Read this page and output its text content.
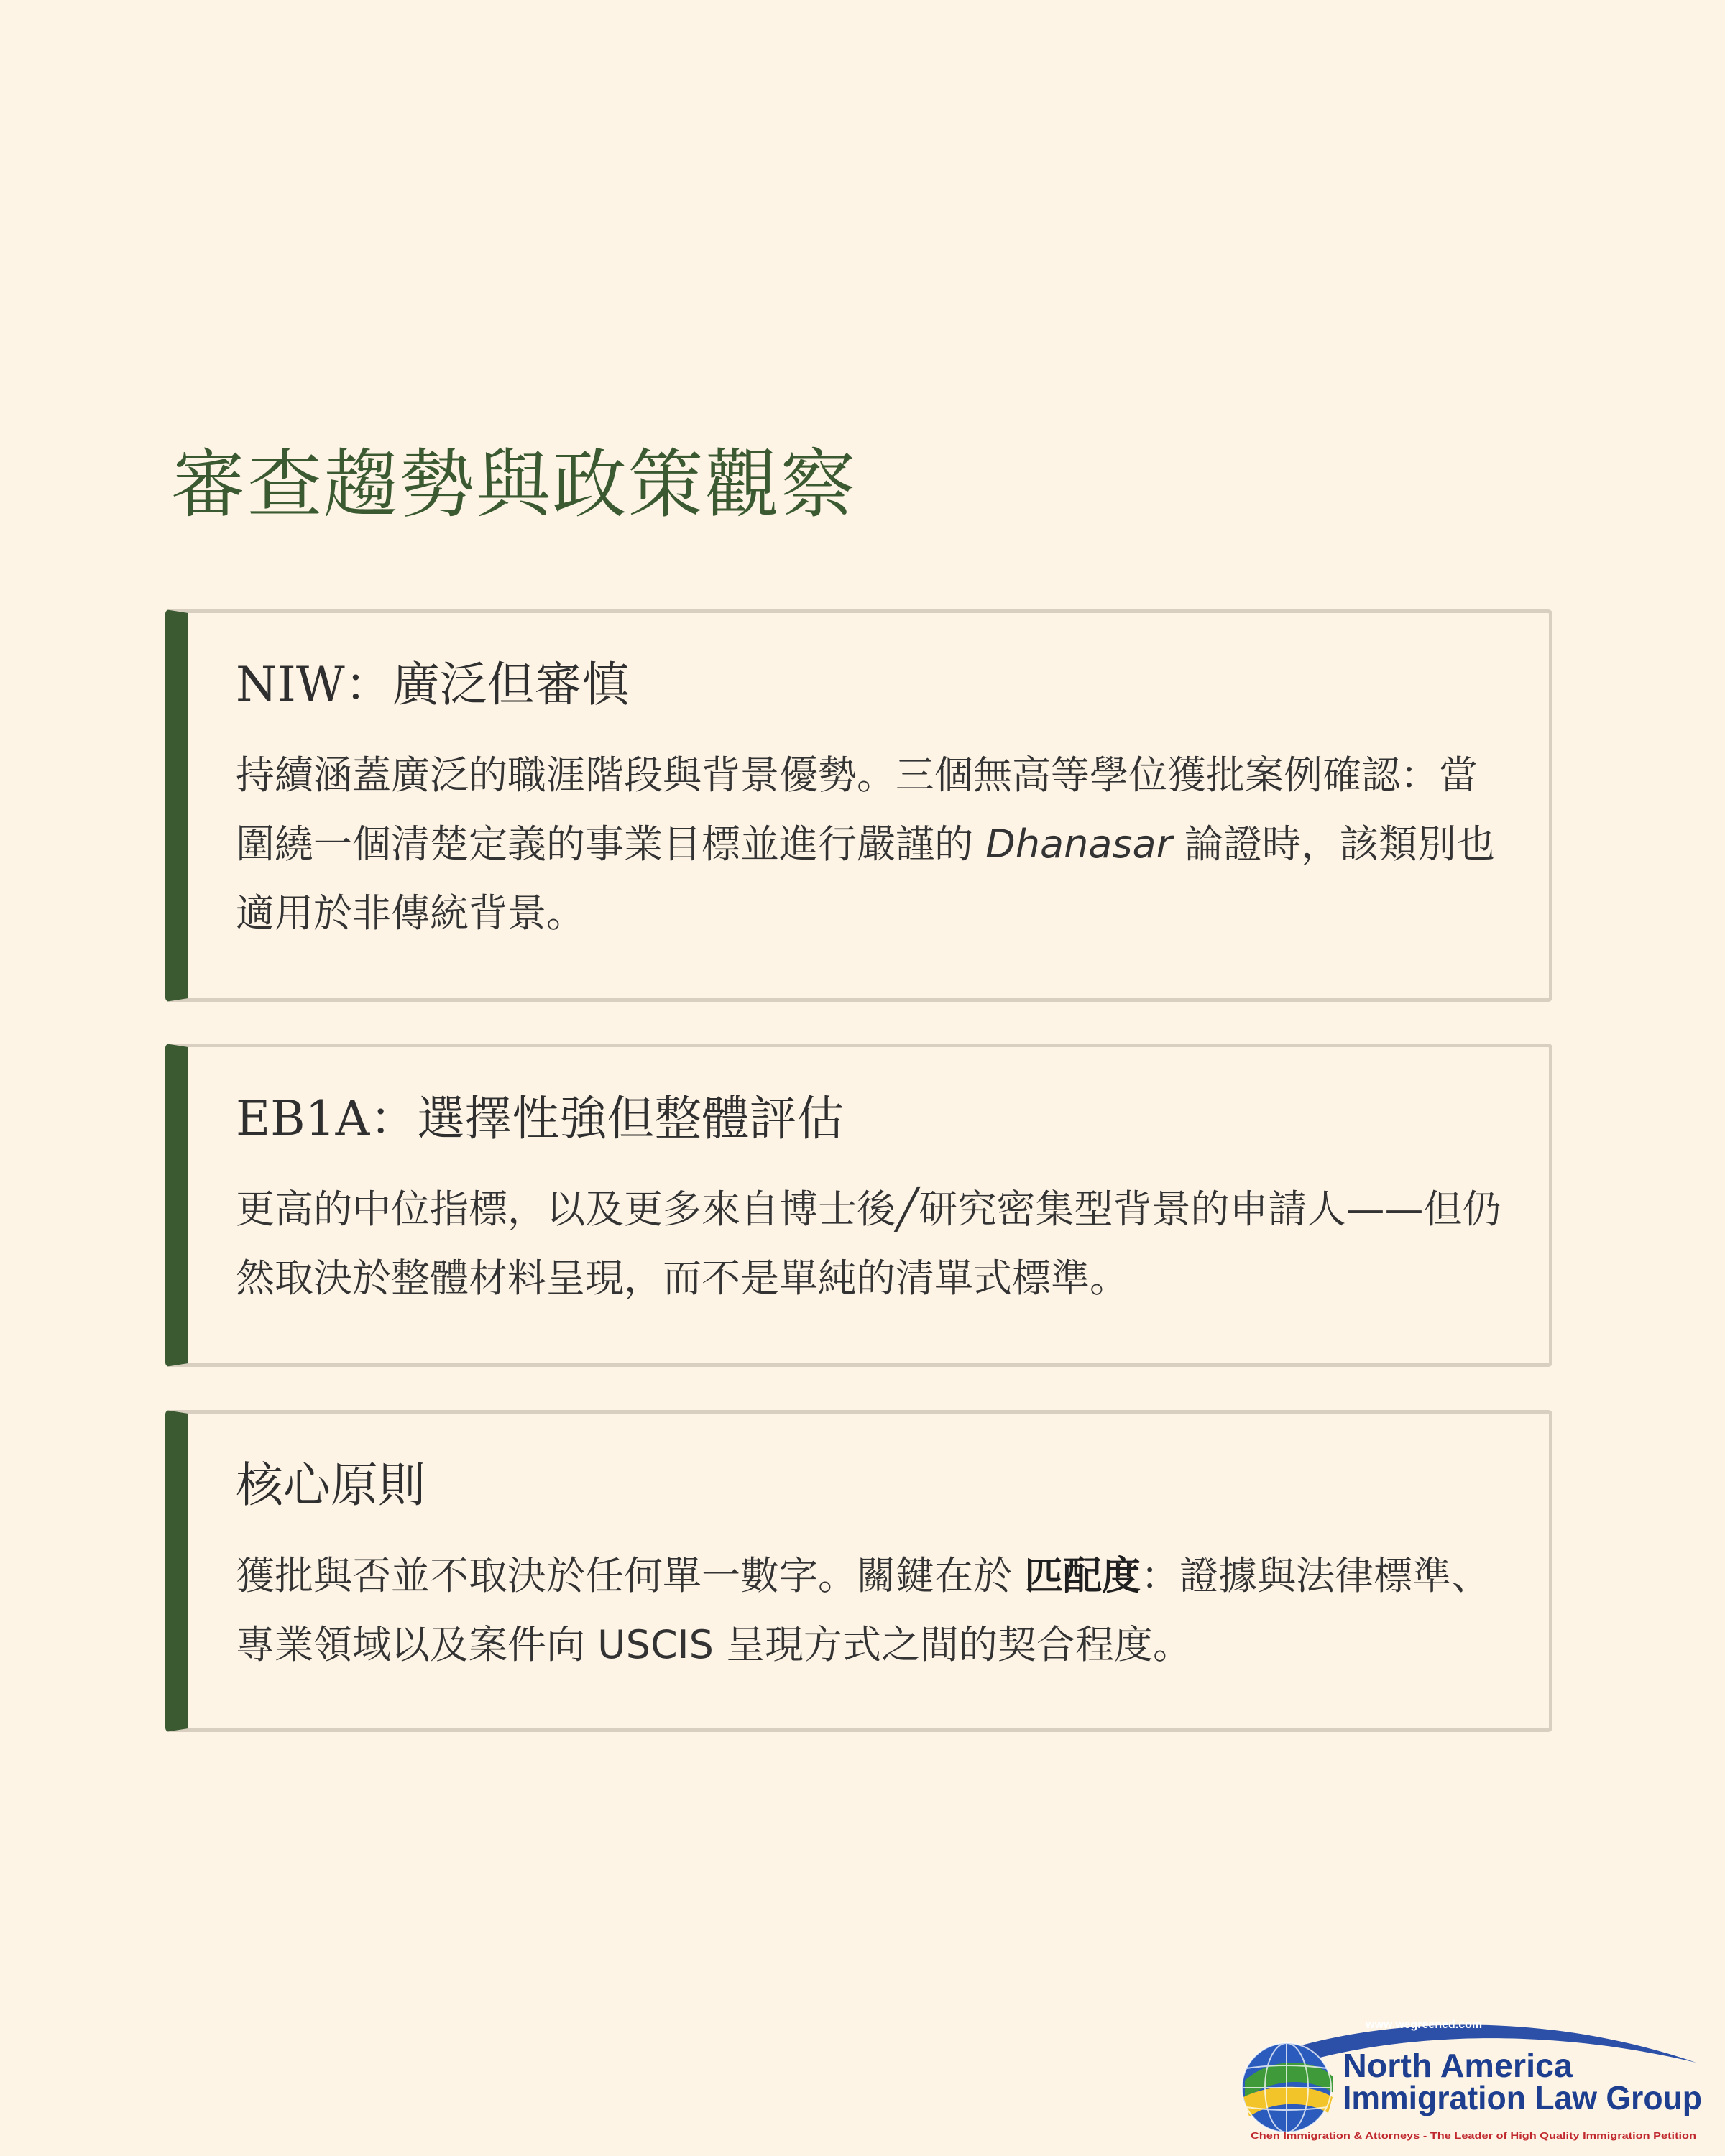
審查趨勢與政策觀察
NIW：廣泛但審慎

持續涵蓋廣泛的職涯階段與背景優勢。三個無高等學位獲批案例確認：當圍繞一個清楚定義的事業目標並進行嚴謹的 Dhanasar 論證時，該類別也適用於非傳統背景。

EB1A：選擇性強但整體評估

更高的中位指標，以及更多來自博士後╱研究密集型背景的申請人——但仍然取決於整體材料呈現，而不是單純的清單式標準。

核心原則

獲批與否並不取決於任何單一數字。關鍵在於 匹配度：證據與法律標準、專業領域以及案件向 USCIS 呈現方式之間的契合程度。

www.wegreened.com
North America
Immigration Law Group
Chen Immigration & Attorneys - The Leader of High Quality Immigration Petition
